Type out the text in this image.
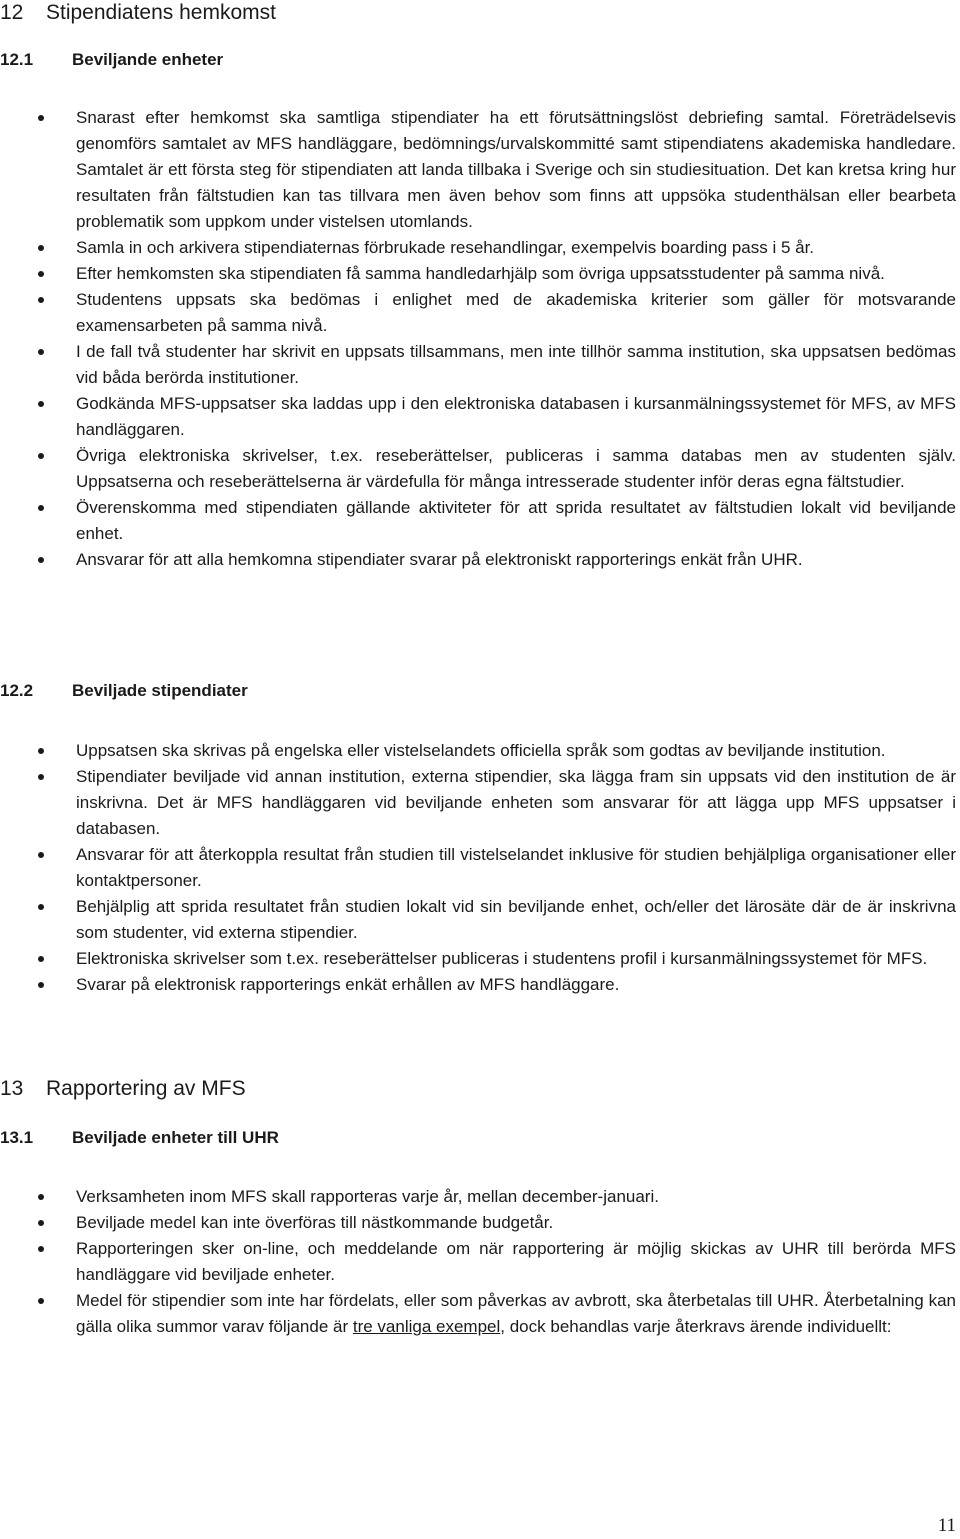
12 Stipendiatens hemkomst
12.1 Beviljande enheter
Snarast efter hemkomst ska samtliga stipendiater ha ett förutsättningslöst debriefing samtal. Företrädelsevis genomförs samtalet av MFS handläggare, bedömnings/urvalskommitté samt stipendiatens akademiska handledare. Samtalet är ett första steg för stipendiaten att landa tillbaka i Sverige och sin studiesituation. Det kan kretsa kring hur resultaten från fältstudien kan tas tillvara men även behov som finns att uppsöka studenthälsan eller bearbeta problematik som uppkom under vistelsen utomlands.
Samla in och arkivera stipendiaternas förbrukade resehandlingar, exempelvis boarding pass i 5 år.
Efter hemkomsten ska stipendiaten få samma handledarhjälp som övriga uppsatsstudenter på samma nivå.
Studentens uppsats ska bedömas i enlighet med de akademiska kriterier som gäller för motsvarande examensarbeten på samma nivå.
I de fall två studenter har skrivit en uppsats tillsammans, men inte tillhör samma institution, ska uppsatsen bedömas vid båda berörda institutioner.
Godkända MFS-uppsatser ska laddas upp i den elektroniska databasen i kursanmälningssystemet för MFS, av MFS handläggaren.
Övriga elektroniska skrivelser, t.ex. reseberättelser, publiceras i samma databas men av studenten själv. Uppsatserna och reseberättelserna är värdefulla för många intresserade studenter inför deras egna fältstudier.
Överenskomma med stipendiaten gällande aktiviteter för att sprida resultatet av fältstudien lokalt vid beviljande enhet.
Ansvarar för att alla hemkomna stipendiater svarar på elektroniskt rapporterings enkät från UHR.
12.2 Beviljade stipendiater
Uppsatsen ska skrivas på engelska eller vistelselandets officiella språk som godtas av beviljande institution.
Stipendiater beviljade vid annan institution, externa stipendier, ska lägga fram sin uppsats vid den institution de är inskrivna. Det är MFS handläggaren vid beviljande enheten som ansvarar för att lägga upp MFS uppsatser i databasen.
Ansvarar för att återkoppla resultat från studien till vistelselandet inklusive för studien behjälpliga organisationer eller kontaktpersoner.
Behjälplig att sprida resultatet från studien lokalt vid sin beviljande enhet, och/eller det lärosäte där de är inskrivna som studenter, vid externa stipendier.
Elektroniska skrivelser som t.ex. reseberättelser publiceras i studentens profil i kursanmälningssystemet för MFS.
Svarar på elektronisk rapporterings enkät erhållen av MFS handläggare.
13 Rapportering av MFS
13.1 Beviljade enheter till UHR
Verksamheten inom MFS skall rapporteras varje år, mellan december-januari.
Beviljade medel kan inte överföras till nästkommande budgetår.
Rapporteringen sker on-line, och meddelande om när rapportering är möjlig skickas av UHR till berörda MFS handläggare vid beviljade enheter.
Medel för stipendier som inte har fördelats, eller som påverkas av avbrott, ska återbetalas till UHR. Återbetalning kan gälla olika summor varav följande är tre vanliga exempel, dock behandlas varje återkravs ärende individuellt:
11
